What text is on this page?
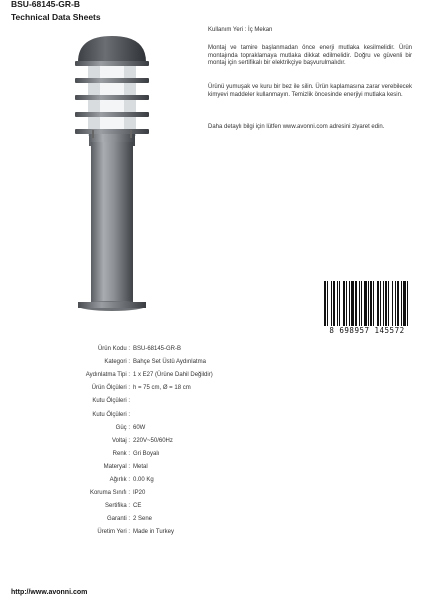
BSU-68145-GR-B
Technical Data Sheets
Kullanım Yeri : İç Mekan
Montaj ve tamire başlanmadan önce enerji mutlaka kesilmelidir. Ürün montajında topraklamaya mutlaka dikkat edilmelidir. Doğru ve güvenli bir montaj için sertifikalı bir elektrikçiye başvurulmalıdır.
Ürünü yumuşak ve kuru bir bez ile silin. Ürün kaplamasına zarar verebilecek kimyevi maddeler kullanmayın. Temizlik öncesinde enerjiyi mutlaka kesin.
Daha detaylı bilgi için lütfen www.avonni.com adresini ziyaret edin.
8 698957 145572
Ürün Kodu : BSU-68145-GR-B
Kategori : Bahçe Set Üstü Aydınlatma
Aydınlatma Tipi : 1 x E27 (Ürüne Dahil Değildir)
Ürün Ölçüleri : h = 75 cm, Ø = 18 cm
Kutu Ölçüleri :
Kutu Ölçüleri :
Güç : 60W
Voltaj : 220V~50/60Hz
Renk : Gri Boyalı
Materyal : Metal
Ağırlık : 0.00 Kg
Koruma Sınıfı : IP20
Sertifika : CE
Garanti : 2 Sene
Üretim Yeri : Made in Turkey
http://www.avonni.com
